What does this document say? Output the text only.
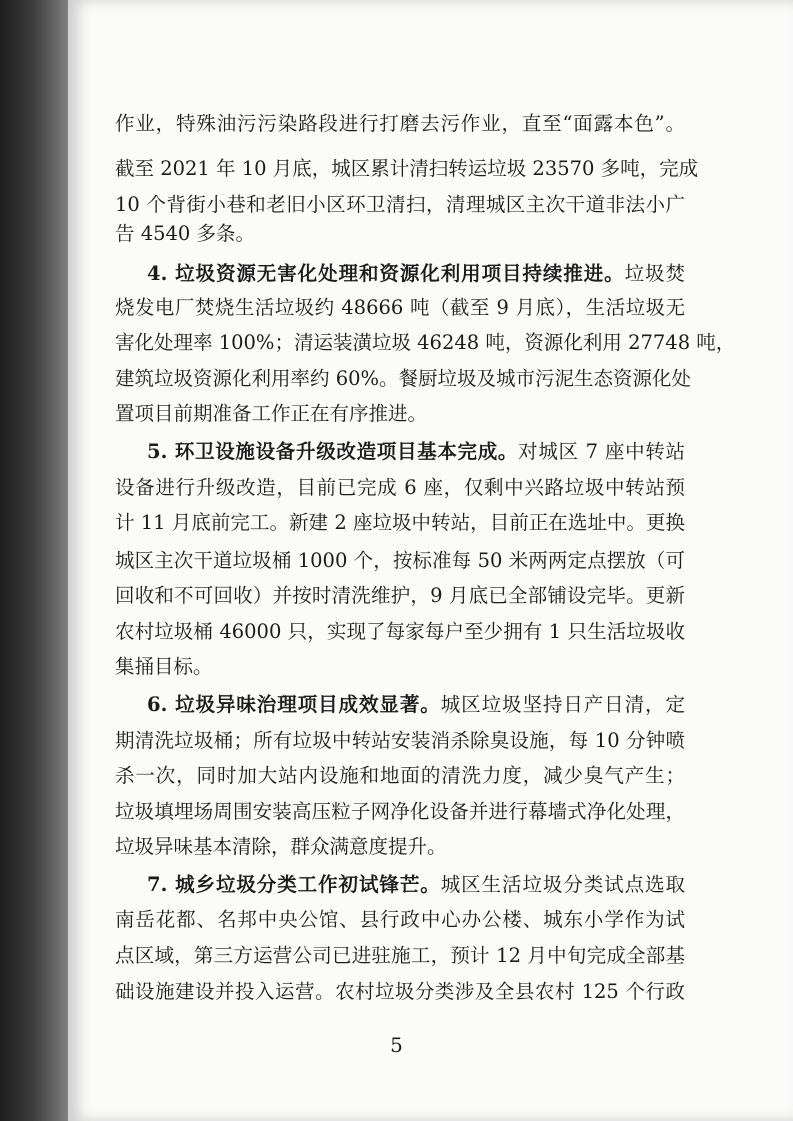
作业，特殊油污污染路段进行打磨去污作业，直至“面露本色”。
截至 2021 年 10 月底，城区累计清扫转运垃圾 23570 多吨，完成
10 个背街小巷和老旧小区环卫清扫，清理城区主次干道非法小广
告 4540 多条。
4. 垃圾资源无害化处理和资源化利用项目持续推进。垃圾焚
烧发电厂焚烧生活垃圾约 48666 吨（截至 9 月底），生活垃圾无
害化处理率 100%；清运装潢垃圾 46248 吨，资源化利用 27748 吨，
建筑垃圾资源化利用率约 60%。餐厨垃圾及城市污泥生态资源化处
置项目前期准备工作正在有序推进。
5. 环卫设施设备升级改造项目基本完成。对城区 7 座中转站
设备进行升级改造，目前已完成 6 座，仅剩中兴路垃圾中转站预
计 11 月底前完工。新建 2 座垃圾中转站，目前正在选址中。更换
城区主次干道垃圾桶 1000 个，按标准每 50 米两两定点摆放（可
回收和不可回收）并按时清洗维护，9 月底已全部铺设完毕。更新
农村垃圾桶 46000 只，实现了每家每户至少拥有 1 只生活垃圾收
集捅目标。
6. 垃圾异味治理项目成效显著。城区垃圾坚持日产日清，定
期清洗垃圾桶；所有垃圾中转站安装消杀除臭设施，每 10 分钟喷
杀一次，同时加大站内设施和地面的清洗力度，减少臭气产生；
垃圾填埋场周围安装高压粒子网净化设备并进行幕墙式净化处理，
垃圾异味基本清除，群众满意度提升。
7. 城乡垃圾分类工作初试锋芒。城区生活垃圾分类试点选取
南岳花都、名邦中央公馆、县行政中心办公楼、城东小学作为试
点区域，第三方运营公司已进驻施工，预计 12 月中旬完成全部基
础设施建设并投入运营。农村垃圾分类涉及全县农村 125 个行政
5
